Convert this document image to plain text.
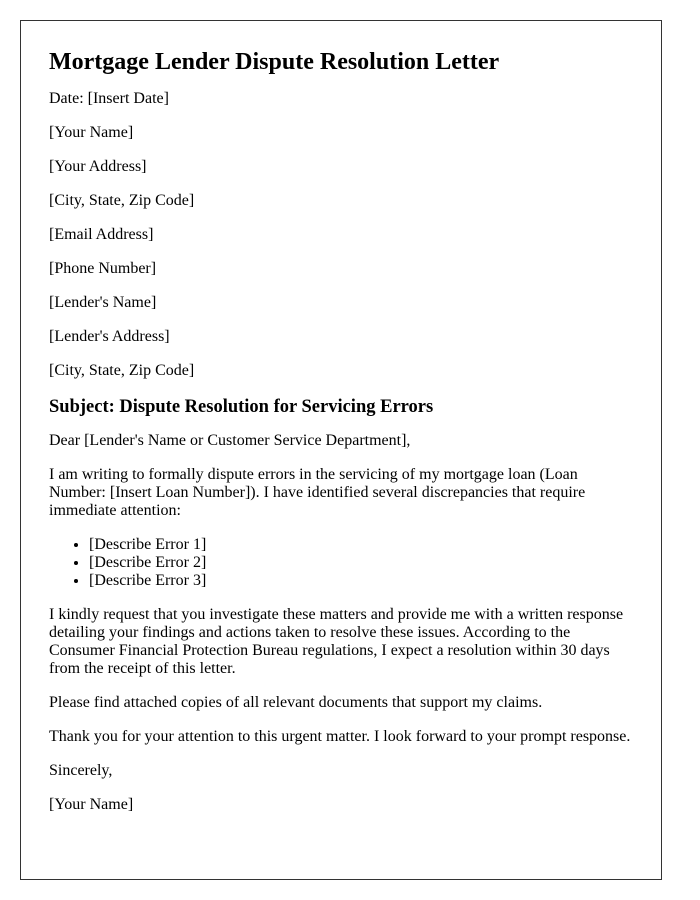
Mortgage Lender Dispute Resolution Letter

Date: [Insert Date]

[Your Name]

[Your Address]

[City, State, Zip Code]

[Email Address]

[Phone Number]

[Lender's Name]

[Lender's Address]

[City, State, Zip Code]

Subject: Dispute Resolution for Servicing Errors

Dear [Lender's Name or Customer Service Department],

I am writing to formally dispute errors in the servicing of my mortgage loan (Loan Number: [Insert Loan Number]). I have identified several discrepancies that require immediate attention:

• [Describe Error 1]
• [Describe Error 2]
• [Describe Error 3]

I kindly request that you investigate these matters and provide me with a written response detailing your findings and actions taken to resolve these issues. According to the Consumer Financial Protection Bureau regulations, I expect a resolution within 30 days from the receipt of this letter.

Please find attached copies of all relevant documents that support my claims.

Thank you for your attention to this urgent matter. I look forward to your prompt response.

Sincerely,

[Your Name]
